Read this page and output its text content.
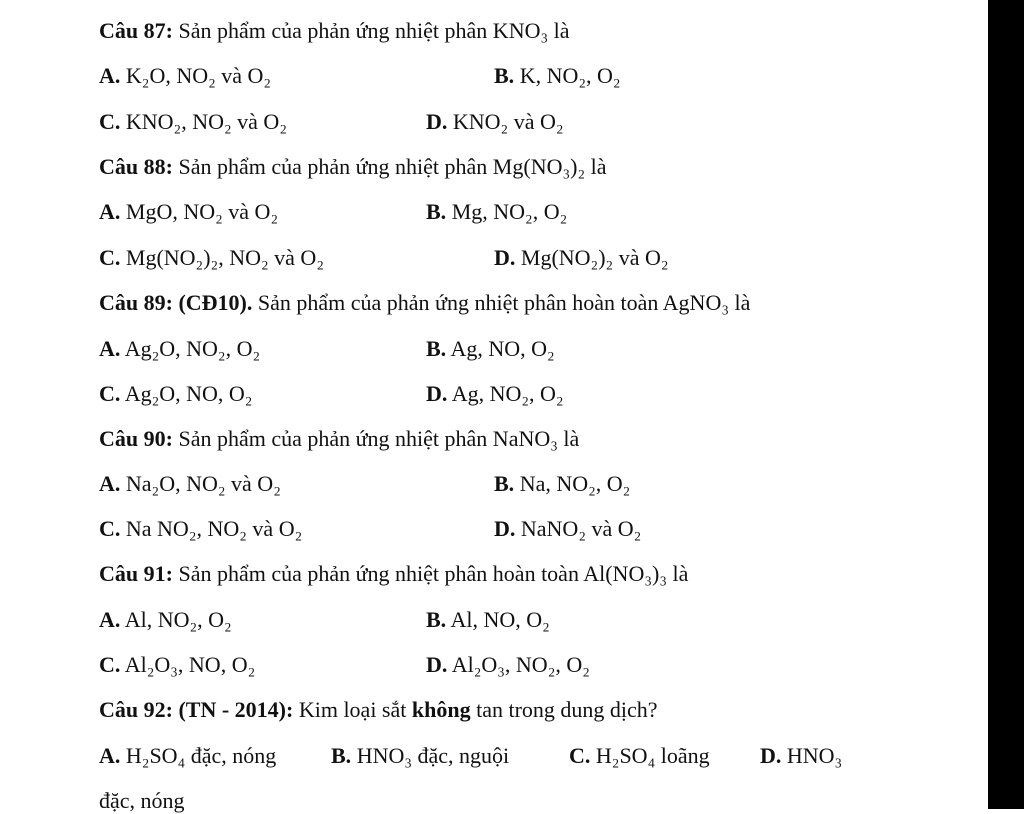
Câu 87: Sản phẩm của phản ứng nhiệt phân KNO₃ là
A. K₂O, NO₂ và O₂	B. K, NO₂, O₂
C. KNO₂, NO₂ và O₂	D. KNO₂ và O₂
Câu 88: Sản phẩm của phản ứng nhiệt phân Mg(NO₃)₂ là
A. MgO, NO₂ và O₂	B. Mg, NO₂, O₂
C. Mg(NO₂)₂, NO₂ và O₂	D. Mg(NO₂)₂ và O₂
Câu 89: (CĐ10). Sản phẩm của phản ứng nhiệt phân hoàn toàn AgNO₃ là
A. Ag₂O, NO₂, O₂	B. Ag, NO, O₂
C. Ag₂O, NO, O₂	D. Ag, NO₂, O₂
Câu 90: Sản phẩm của phản ứng nhiệt phân NaNO₃ là
A. Na₂O, NO₂ và O₂	B. Na, NO₂, O₂
C. Na NO₂, NO₂ và O₂	D. NaNO₂ và O₂
Câu 91: Sản phẩm của phản ứng nhiệt phân hoàn toàn Al(NO₃)₃ là
A. Al, NO₂, O₂	B. Al, NO, O₂
C. Al₂O₃, NO, O₂	D. Al₂O₃, NO₂, O₂
Câu 92: (TN - 2014): Kim loại sắt không tan trong dung dịch?
A. H₂SO₄ đặc, nóng B. HNO₃ đặc, nguội	C. H₂SO₄ loãng D. HNO₃
đặc, nóng
